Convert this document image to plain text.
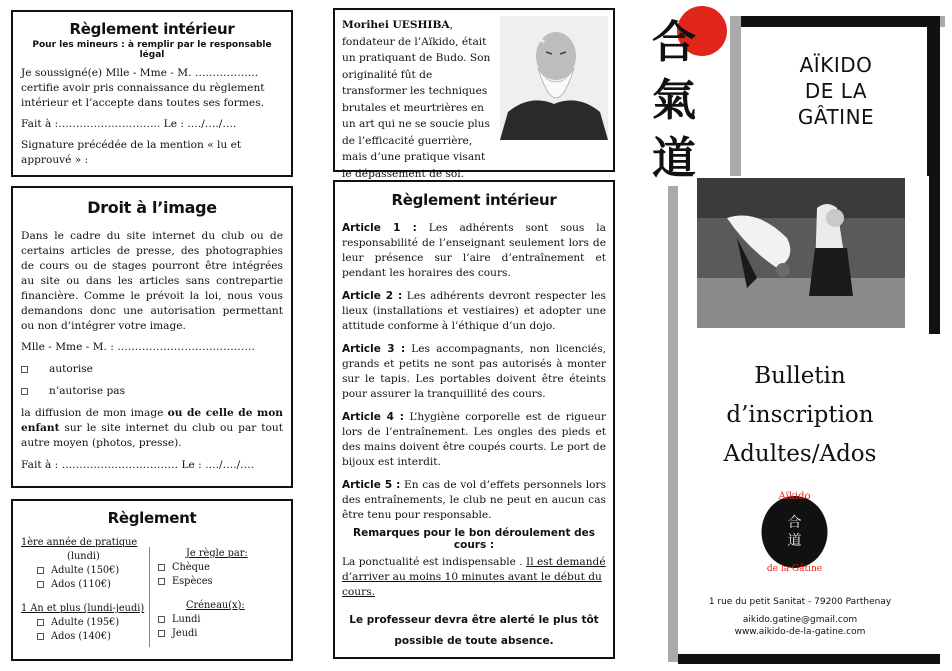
Règlement intérieur
Pour les mineurs : à remplir par le responsable légal
Je soussigné(e) Mlle - Mme - M. ……………… certifie avoir pris connaissance du règlement intérieur et l’accepte dans toutes ses formes.
Fait à :……………………….. Le : …./…./….
Signature précédée de la mention « lu et approuvé » :
Droit à l’image
Dans le cadre du site internet du club ou de certains articles de presse, des photographies de cours ou de stages pourront être intégrées au site ou dans les articles sans contrepartie financière. Comme le prévoit la loi, nous vous demandons donc une autorisation permettant ou non d’intégrer votre image.
Mlle - Mme - M. : …………………………………
autorise
n’autorise pas
la diffusion de mon image ou de celle de mon enfant sur le site internet du club ou par tout autre moyen (photos, presse).
Fait à : …………………………… Le : …./…./….
Règlement
1ère année de pratique
(lundi)
Adulte (150€)
Ados (110€)
1 An et plus (lundi-jeudi)
Adulte (195€)
Ados (140€)
Je règle par:
Chèque
Espèces
Créneau(x):
Lundi
Jeudi
Morihei UESHIBA, fondateur de l’Aïkido, était un pratiquant de Budo. Son originalité fût de transformer les techniques brutales et meurtrières en un art qui ne se soucie plus de l’efficacité guerrière, mais d’une pratique visant le dépassement de soi.
Règlement intérieur
Article 1 : Les adhérents sont sous la responsabilité de l’enseignant seulement lors de leur présence sur l’aire d’entraînement et pendant les horaires des cours.
Article 2 : Les adhérents devront respecter les lieux (installations et vestiaires) et adopter une attitude conforme à l’éthique d’un dojo.
Article 3 : Les accompagnants, non licenciés, grands et petits ne sont pas autorisés à monter sur le tapis. Les portables doivent être éteints pour assurer la tranquillité des cours.
Article 4 : L’hygiène corporelle est de rigueur lors de l’entraînement. Les ongles des pieds et des mains doivent être coupés courts. Le port de bijoux est interdit.
Article 5 : En cas de vol d’effets personnels lors des entraînements, le club ne peut en aucun cas être tenu pour responsable.
Remarques pour le bon déroulement des cours :
La ponctualité est indispensable . Il est demandé d’arriver au moins 10 minutes avant le début du cours.
Le professeur devra être alerté le plus tôt possible de toute absence.
合
氣
道
AÏKIDO
DE LA
GÂTINE
Bulletin
d’inscription
Adultes/Ados
Aïkido
合
道
de la Gâtine
1 rue du petit Sanitat - 79200 Parthenay
aikido.gatine@gmail.com
www.aikido-de-la-gatine.com
